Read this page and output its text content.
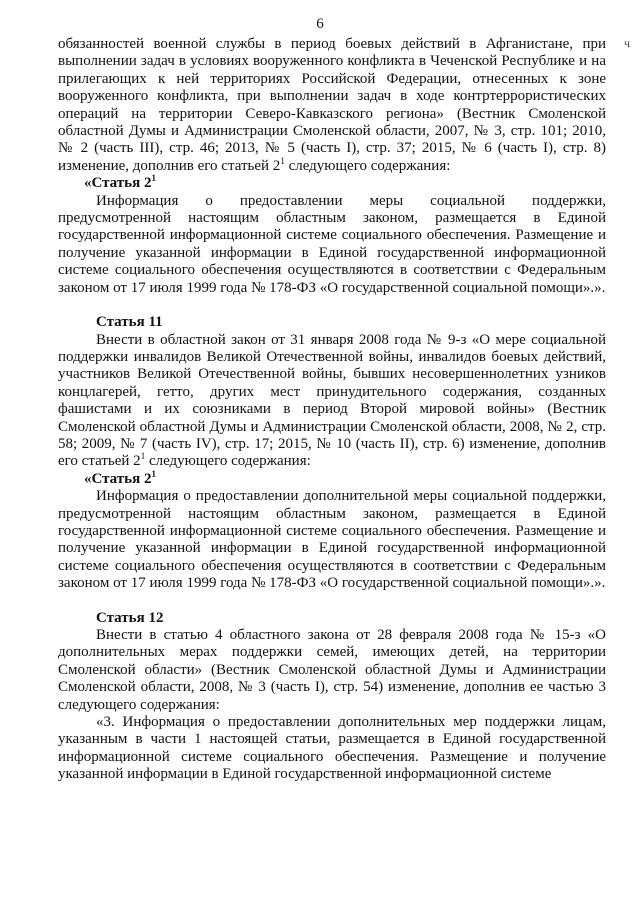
6
ч

обязанностей военной службы в период боевых действий в Афганистане, при выполнении задач в условиях вооруженного конфликта в Чеченской Республике и на прилегающих к ней территориях Российской Федерации, отнесенных к зоне вооруженного конфликта, при выполнении задач в ходе контртеррористических операций на территории Северо-Кавказского региона» (Вестник Смоленской областной Думы и Администрации Смоленской области, 2007, № 3, стр. 101; 2010, № 2 (часть III), стр. 46; 2013, № 5 (часть I), стр. 37; 2015, № 6 (часть I), стр. 8) изменение, дополнив его статьей $2^1$ следующего содержания:

«Статья $2^1$

Информация о предоставлении меры социальной поддержки, предусмотренной настоящим областным законом, размещается в Единой государственной информационной системе социального обеспечения. Размещение и получение указанной информации в Единой государственной информационной системе социального обеспечения осуществляются в соответствии с Федеральным законом от 17 июля 1999 года № 178-ФЗ «О государственной социальной помощи».».

Статья 11

Внести в областной закон от 31 января 2008 года № 9-з «О мере социальной поддержки инвалидов Великой Отечественной войны, инвалидов боевых действий, участников Великой Отечественной войны, бывших несовершеннолетних узников концлагерей, гетто, других мест принудительного содержания, созданных фашистами и их союзниками в период Второй мировой войны» (Вестник Смоленской областной Думы и Администрации Смоленской области, 2008, № 2, стр. 58; 2009, № 7 (часть IV), стр. 17; 2015, № 10 (часть II), стр. 6) изменение, дополнив его статьей $2^1$ следующего содержания:

«Статья $2^1$

Информация о предоставлении дополнительной меры социальной поддержки, предусмотренной настоящим областным законом, размещается в Единой государственной информационной системе социального обеспечения. Размещение и получение указанной информации в Единой государственной информационной системе социального обеспечения осуществляются в соответствии с Федеральным законом от 17 июля 1999 года № 178-ФЗ «О государственной социальной помощи».».

Статья 12

Внести в статью 4 областного закона от 28 февраля 2008 года № 15-з «О дополнительных мерах поддержки семей, имеющих детей, на территории Смоленской области» (Вестник Смоленской областной Думы и Администрации Смоленской области, 2008, № 3 (часть I), стр. 54) изменение, дополнив ее частью 3 следующего содержания:

«3. Информация о предоставлении дополнительных мер поддержки лицам, указанным в части 1 настоящей статьи, размещается в Единой государственной информационной системе социального обеспечения. Размещение и получение указанной информации в Единой государственной информационной системе
